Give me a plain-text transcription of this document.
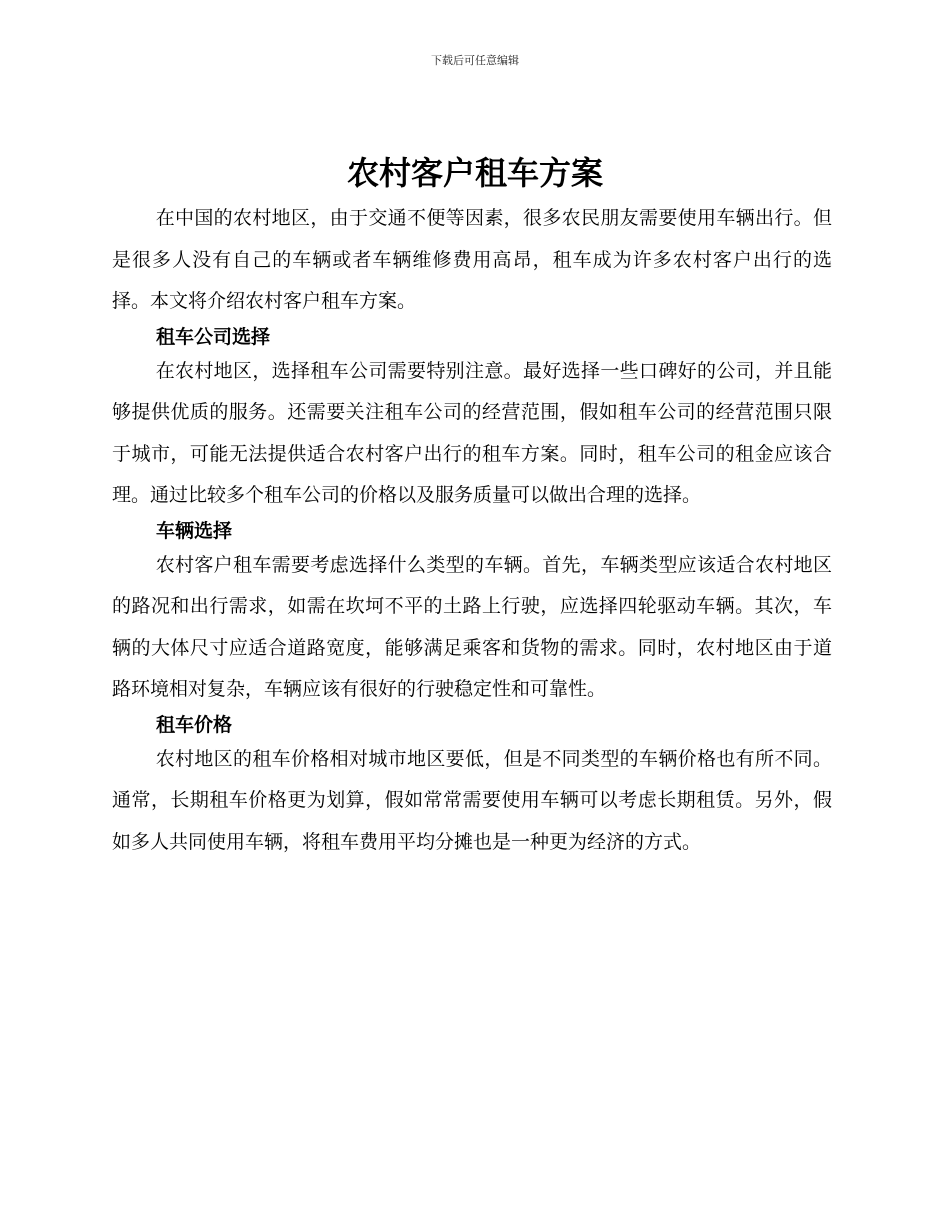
下载后可任意编辑
农村客户租车方案

在中国的农村地区，由于交通不便等因素，很多农民朋友需要使用车辆出行。但是很多人没有自己的车辆或者车辆维修费用高昂，租车成为许多农村客户出行的选择。本文将介绍农村客户租车方案。

租车公司选择

在农村地区，选择租车公司需要特别注意。最好选择一些口碑好的公司，并且能够提供优质的服务。还需要关注租车公司的经营范围，假如租车公司的经营范围只限于城市，可能无法提供适合农村客户出行的租车方案。同时，租车公司的租金应该合理。通过比较多个租车公司的价格以及服务质量可以做出合理的选择。

车辆选择

农村客户租车需要考虑选择什么类型的车辆。首先，车辆类型应该适合农村地区的路况和出行需求，如需在坎坷不平的土路上行驶，应选择四轮驱动车辆。其次，车辆的大体尺寸应适合道路宽度，能够满足乘客和货物的需求。同时，农村地区由于道路环境相对复杂，车辆应该有很好的行驶稳定性和可靠性。

租车价格

农村地区的租车价格相对城市地区要低，但是不同类型的车辆价格也有所不同。通常，长期租车价格更为划算，假如常常需要使用车辆可以考虑长期租赁。另外，假如多人共同使用车辆，将租车费用平均分摊也是一种更为经济的方式。
